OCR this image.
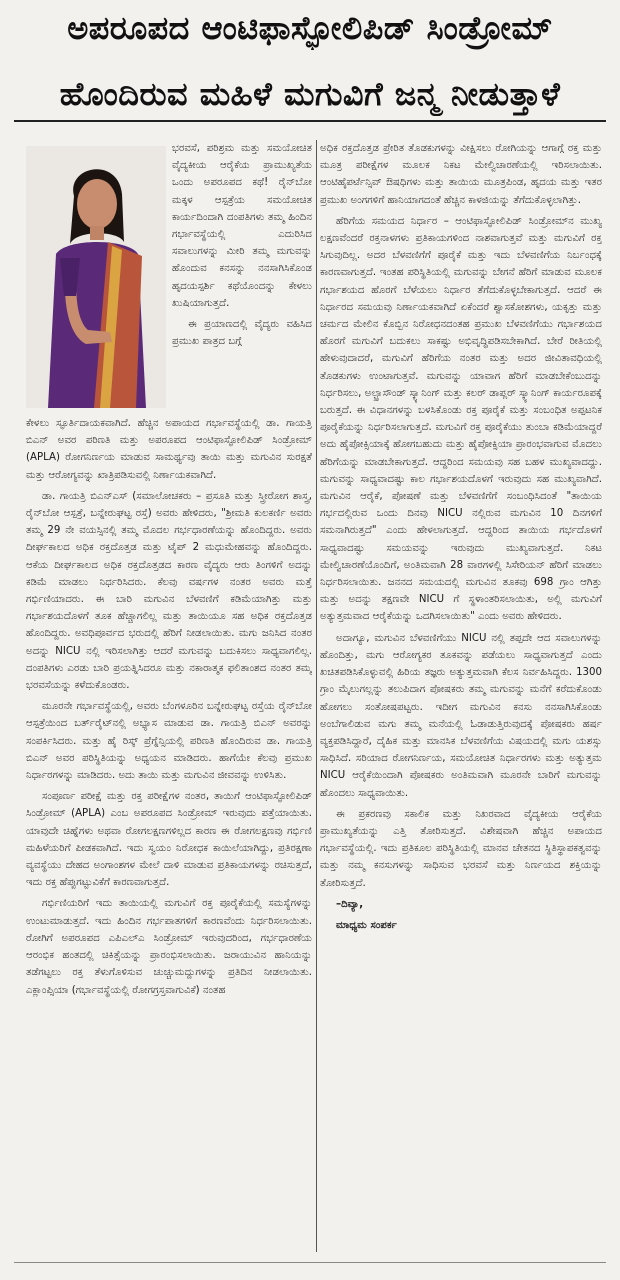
ಅಪರೂಪದ ಆಂಟಿಫಾಸ್ಫೋಲಿಪಿಡ್ ಸಿಂಡ್ರೋಮ್
ಹೊಂದಿರುವ ಮಹಿಳೆ ಮಗುವಿಗೆ ಜನ್ಮ ನೀಡುತ್ತಾಳೆ

ಭರವಸೆ, ಪರಿಶ್ರಮ ಮತ್ತು ಸಮಯೋಚಿತ ವೈದ್ಯಕೀಯ ಆರೈಕೆಯ ಪ್ರಾಮುಖ್ಯತೆಯ ಒಂದು ಅಪರೂಪದ ಕಥೆ! ರೈನ್‌ಬೋ ಮಕ್ಕಳ ಆಸ್ಪತ್ರೆಯ ಸಮಯೋಚಿತ ಕಾರ್ಯದಿಂದಾಗಿ ದಂಪತಿಗಳು ತಮ್ಮ ಹಿಂದಿನ ಗರ್ಭಾವಸ್ಥೆಯಲ್ಲಿ ಎದುರಿಸಿದ ಸವಾಲುಗಳನ್ನು ಮೀರಿ ತಮ್ಮ ಮಗುವನ್ನು ಹೊಂದುವ ಕನಸನ್ನು ನನಸಾಗಿಸಿಕೊಂಡ ಹೃದಯಸ್ಪರ್ಶಿ ಕಥೆಯೊಂದನ್ನು ಕೇಳಲು ಖುಷಿಯಾಗುತ್ತದೆ.

ಈ ಪ್ರಯಾಣದಲ್ಲಿ ವೈದ್ಯರು ವಹಿಸಿದ ಪ್ರಮುಖ ಪಾತ್ರದ ಬಗ್ಗೆ

ಕೇಳಲು ಸ್ಫೂರ್ತಿದಾಯಕವಾಗಿದೆ. ಹೆಚ್ಚಿನ ಅಪಾಯದ ಗರ್ಭಾವಸ್ಥೆಯಲ್ಲಿ ಡಾ. ಗಾಯತ್ರಿ ಬಿಎನ್ ಅವರ ಪರಿಣತಿ ಮತ್ತು ಅಪರೂಪದ ಆಂಟಿಫಾಸ್ಫೋಲಿಪಿಡ್ ಸಿಂಡ್ರೋಮ್ (APLA) ರೋಗನಿರ್ಣಯ ಮಾಡುವ ಸಾಮರ್ಥ್ಯವು ತಾಯಿ ಮತ್ತು ಮಗುವಿನ ಸುರಕ್ಷತೆ ಮತ್ತು ಆರೋಗ್ಯವನ್ನು ಖಾತ್ರಿಪಡಿಸುವಲ್ಲಿ ನಿರ್ಣಾಯಕವಾಗಿದೆ.

ಡಾ. ಗಾಯತ್ರಿ ಬಿಎನ್‌ಎಸ್ (ಸಮಾಲೋಚಕರು – ಪ್ರಸೂತಿ ಮತ್ತು ಸ್ತ್ರೀರೋಗ ಶಾಸ್ತ್ರ, ರೈನ್‌ಬೋ ಆಸ್ಪತ್ರೆ, ಬನ್ನೇರುಘಟ್ಟ ರಸ್ತೆ) ಅವರು ಹೇಳಿದರು, "ಶ್ರೀಮತಿ ಕುಲಕರ್ಣಿ ಅವರು ತಮ್ಮ 29 ನೇ ವಯಸ್ಸಿನಲ್ಲಿ ತಮ್ಮ ಮೊದಲ ಗರ್ಭಧಾರಣೆಯನ್ನು ಹೊಂದಿದ್ದರು. ಅವರು ದೀರ್ಘಕಾಲದ ಅಧಿಕ ರಕ್ತದೊತ್ತಡ ಮತ್ತು ಟೈಪ್ 2 ಮಧುಮೇಹವನ್ನು ಹೊಂದಿದ್ದರು. ಆಕೆಯ ದೀರ್ಘಕಾಲದ ಅಧಿಕ ರಕ್ತದೊತ್ತಡದ ಕಾರಣ ವೈದ್ಯರು ಆರು ತಿಂಗಳಿಗೆ ಅದನ್ನು ಕಡಿಮೆ ಮಾಡಲು ನಿರ್ಧರಿಸಿದರು. ಕೆಲವು ವರ್ಷಗಳ ನಂತರ ಅವರು ಮತ್ತೆ ಗರ್ಭಿಣಿಯಾದರು. ಈ ಬಾರಿ ಮಗುವಿನ ಬೆಳವಣಿಗೆ ಕಡಿಮೆಯಾಗಿತ್ತು ಮತ್ತು ಗರ್ಭಾಶಯದೊಳಗೆ ತೂಕ ಹೆಚ್ಚಾಗಲಿಲ್ಲ ಮತ್ತು ತಾಯಿಯೂ ಸಹ ಅಧಿಕ ರಕ್ತದೊತ್ತಡ ಹೊಂದಿದ್ದರು. ಅವಧಿಪೂರ್ವದ ಭರುದಲ್ಲಿ ಹೆರಿಗೆ ನೀಡಲಾಯಿತು. ಮಗು ಜನಿಸಿದ ನಂತರ ಅದನ್ನು NICU ನಲ್ಲಿ ಇರಿಸಲಾಗಿತ್ತು ಆದರೆ ಮಗುವನ್ನು ಬದುಕಿಸಲು ಸಾಧ್ಯವಾಗಲಿಲ್ಲ. ದಂಪತಿಗಳು ಎರಡು ಬಾರಿ ಪ್ರಯತ್ನಿಸಿದರೂ ಮತ್ತು ನಕಾರಾತ್ಮಕ ಫಲಿತಾಂಶದ ನಂತರ ತಮ್ಮ ಭರವಸೆಯನ್ನು ಕಳೆದುಕೊಂಡರು.

ಮೂರನೇ ಗರ್ಭಾವಸ್ಥೆಯಲ್ಲಿ, ಅವರು ಬೆಂಗಳೂರಿನ ಬನ್ನೇರುಘಟ್ಟ ರಸ್ತೆಯ ರೈನ್‌ಬೋ ಆಸ್ಪತ್ರೆಯಿಂದ ಬರ್ತ್‌ರೈಟ್‌ನಲ್ಲಿ ಅಭ್ಯಾಸ ಮಾಡುವ ಡಾ. ಗಾಯತ್ರಿ ಬಿಎನ್ ಅವರನ್ನು ಸಂಪರ್ಕಿಸಿದರು. ಮತ್ತು ಹೈ ರಿಸ್ಕ್ ಪ್ರೆಗ್ನೆನ್ಸಿಯಲ್ಲಿ ಪರಿಣತಿ ಹೊಂದಿರುವ ಡಾ. ಗಾಯತ್ರಿ ಬಿಎನ್ ಅವರ ಪರಿಸ್ಥಿತಿಯನ್ನು ಅಧ್ಯಯನ ಮಾಡಿದರು. ಹಾಗೆಯೇ ಕೆಲವು ಪ್ರಮುಖ ನಿರ್ಧಾರಗಳನ್ನು ಮಾಡಿದರು. ಅದು ತಾಯಿ ಮತ್ತು ಮಗುವಿನ ಜೀವವನ್ನು ಉಳಿಸಿತು.

ಸಂಪೂರ್ಣ ಪರೀಕ್ಷೆ ಮತ್ತು ರಕ್ತ ಪರೀಕ್ಷೆಗಳ ನಂತರ, ತಾಯಿಗೆ ಆಂಟಿಫಾಸ್ಫೋಲಿಪಿಡ್ ಸಿಂಡ್ರೋಮ್ (APLA) ಎಂಬ ಅಪರೂಪದ ಸಿಂಡ್ರೋಮ್ ಇರುವುದು ಪತ್ತೆಯಾಯಿತು. ಯಾವುದೇ ಚಿಹ್ನೆಗಳು ಅಥವಾ ರೋಗಲಕ್ಷಣಗಳಿಲ್ಲದ ಕಾರಣ ಈ ರೋಗಲಕ್ಷಣವು ಗರ್ಭಿಣಿ ಮಹಿಳೆಯರಿಗೆ ಪೀಡಕವಾಗಿದೆ. ಇದು ಸ್ವಯಂ ನಿರೋಧಕ ಕಾಯಿಲೆಯಾಗಿದ್ದು, ಪ್ರತಿರಕ್ಷಣಾ ವ್ಯವಸ್ಥೆಯು ದೇಹದ ಅಂಗಾಂಶಗಳ ಮೇಲೆ ದಾಳಿ ಮಾಡುವ ಪ್ರತಿಕಾಯಗಳನ್ನು ರಚಿಸುತ್ತದೆ, ಇದು ರಕ್ತ ಹೆಪ್ಪುಗಟ್ಟುವಿಕೆಗೆ ಕಾರಣವಾಗುತ್ತದೆ.

ಗರ್ಭಿಣಿಯರಿಗೆ ಇದು ತಾಯಿಯಲ್ಲಿ ಮಗುವಿಗೆ ರಕ್ತ ಪೂರೈಕೆಯಲ್ಲಿ ಸಮಸ್ಯೆಗಳನ್ನು ಉಂಟುಮಾಡುತ್ತದೆ. ಇದು ಹಿಂದಿನ ಗರ್ಭಪಾತಗಳಿಗೆ ಕಾರಣವೆಂದು ನಿರ್ಧರಿಸಲಾಯಿತು. ರೋಗಿಗೆ ಅಪರೂಪದ ಎಪಿಎಲ್‌ಎ ಸಿಂಡ್ರೋಮ್ ಇರುವುದರಿಂದ, ಗರ್ಭಧಾರಣೆಯ ಆರಂಭಿಕ ಹಂತದಲ್ಲಿ ಚಿಕಿತ್ಸೆಯನ್ನು ಪ್ರಾರಂಭಿಸಲಾಯಿತು. ಜರಾಯುವಿನ ಹಾನಿಯನ್ನು ತಡೆಗಟ್ಟಲು ರಕ್ತ ತೆಳುಗೊಳಿಸುವ ಚುಚ್ಚುಮದ್ದುಗಳನ್ನು ಪ್ರತಿದಿನ ನೀಡಲಾಯಿತು. ಎಕ್ಲಾಂಪ್ಸಿಯಾ (ಗರ್ಭಾವಸ್ಥೆಯಲ್ಲಿ ರೋಗಗ್ರಸ್ತವಾಗುವಿಕೆ) ನಂತಹ

ಅಧಿಕ ರಕ್ತದೊತ್ತಡ ಪ್ರೇರಿತ ತೊಡಕುಗಳನ್ನು ವೀಕ್ಷಿಸಲು ರೋಗಿಯನ್ನು ಆಗಾಗ್ಗೆ ರಕ್ತ ಮತ್ತು ಮೂತ್ರ ಪರೀಕ್ಷೆಗಳ ಮೂಲಕ ನಿಕಟ ಮೇಲ್ವಿಚಾರಣೆಯಲ್ಲಿ ಇರಿಸಲಾಯಿತು. ಆಂಟಿಹೈಪರ್ಟೆನ್ಸಿವ್ ಔಷಧಿಗಳು ಮತ್ತು ತಾಯಿಯ ಮೂತ್ರಪಿಂಡ, ಹೃದಯ ಮತ್ತು ಇತರ ಪ್ರಮುಖ ಅಂಗಗಳಿಗೆ ಹಾನಿಯಾಗದಂತೆ ಹೆಚ್ಚಿನ ಕಾಳಜಿಯನ್ನು ತೆಗೆದುಕೊಳ್ಳಲಾಗಿತ್ತು.

ಹೆರಿಗೆಯ ಸಮಯದ ನಿರ್ಧಾರ – ಆಂಟಿಫಾಸ್ಫೋಲಿಪಿಡ್ ಸಿಂಡ್ರೋಮ್‌ನ ಮುಖ್ಯ ಲಕ್ಷಣವೆಂದರೆ ರಕ್ತನಾಳಗಳು ಪ್ರತಿಕಾಯಗಳಿಂದ ನಾಶವಾಗುತ್ತವೆ ಮತ್ತು ಮಗುವಿಗೆ ರಕ್ತ ಸಿಗುವುದಿಲ್ಲ. ಅದರ ಬೆಳವಣಿಗೆಗೆ ಪೂರೈಕೆ ಮತ್ತು ಇದು ಬೆಳವಣಿಗೆಯ ನಿರ್ಬಂಧಕ್ಕೆ ಕಾರಣವಾಗುತ್ತದೆ. ಇಂತಹ ಪರಿಸ್ಥಿತಿಯಲ್ಲಿ ಮಗುವನ್ನು ಬೇಗನೆ ಹೆರಿಗೆ ಮಾಡುವ ಮೂಲಕ ಗರ್ಭಾಶಯದ ಹೊರಗೆ ಬೆಳೆಯಲು ನಿರ್ಧಾರ ತೆಗೆದುಕೊಳ್ಳಬೇಕಾಗುತ್ತದೆ. ಆದರೆ ಈ ನಿರ್ಧಾರದ ಸಮಯವು ನಿರ್ಣಾಯಕವಾಗಿದೆ ಏಕೆಂದರೆ ಶ್ವಾಸಕೋಶಗಳು, ಯಕೃತ್ತು ಮತ್ತು ಚರ್ಮದ ಮೇಲಿನ ಕೊಬ್ಬಿನ ನಿರೋಧನದಂತಹ ಪ್ರಮುಖ ಬೆಳವಣಿಗೆಯು ಗರ್ಭಾಶಯದ ಹೊರಗೆ ಮಗುವಿಗೆ ಬದುಕಲು ಸಾಕಷ್ಟು ಅಭಿವೃದ್ಧಿಪಡಿಸಬೇಕಾಗಿದೆ. ಬೇರೆ ರೀತಿಯಲ್ಲಿ ಹೇಳುವುದಾದರೆ, ಮಗುವಿಗೆ ಹೆರಿಗೆಯ ನಂತರ ಮತ್ತು ಅದರ ಜೀವಿತಾವಧಿಯಲ್ಲಿ ತೊಡಕುಗಳು ಉಂಟಾಗುತ್ತವೆ. ಮಗುವನ್ನು ಯಾವಾಗ ಹೆರಿಗೆ ಮಾಡಬೇಕೆಂಬುದನ್ನು ನಿರ್ಧರಿಸಲು, ಅಲ್ಟ್ರಾಸೌಂಡ್ ಸ್ಕ್ಯಾನಿಂಗ್ ಮತ್ತು ಕಲರ್ ಡಾಪ್ಲರ್ ಸ್ಕ್ಯಾನಿಂಗ್ ಕಾರ್ಯರೂಪಕ್ಕೆ ಬರುತ್ತದೆ. ಈ ವಿಧಾನಗಳನ್ನು ಬಳಸಿಕೊಂಡು ರಕ್ತ ಪೂರೈಕೆ ಮತ್ತು ಸಂಬಂಧಿತ ಅಪ್ಪಟನಿಕ ಪೂರೈಕೆಯನ್ನು ನಿರ್ಧರಿಸಲಾಗುತ್ತದೆ. ಮಗುವಿಗೆ ರಕ್ತ ಪೂರೈಕೆಯು ತುಂಬಾ ಕಡಿಮೆಯಾದ್ದರೆ ಅದು ಹೈಪೋಕ್ಸಿಯಾಕ್ಕೆ ಹೋಗಬಹುದು ಮತ್ತು ಹೈಪೋಕ್ಸಿಯಾ ಪ್ರಾರಂಭವಾಗುವ ಮೊದಲು ಹೆರಿಗೆಯನ್ನು ಮಾಡಬೇಕಾಗುತ್ತದೆ. ಆದ್ದರಿಂದ ಸಮಯವು ಸಹ ಬಹಳ ಮುಖ್ಯವಾದದ್ದು. ಮಗುವನ್ನು ಸಾಧ್ಯವಾದಷ್ಟು ಕಾಲ ಗರ್ಭಾಶಯದೊಳಗೆ ಇರುವುದು ಸಹ ಮುಖ್ಯವಾಗಿದೆ. ಮಗುವಿನ ಆರೈಕೆ, ಪೋಷಣೆ ಮತ್ತು ಬೆಳವಣಿಗೆಗೆ ಸಂಬಂಧಿಸಿದಂತೆ "ತಾಯಿಯ ಗರ್ಭದಲ್ಲಿರುವ ಒಂದು ದಿನವು NICU ನಲ್ಲಿರುವ ಮಗುವಿನ 10 ದಿನಗಳಿಗೆ ಸಮನಾಗಿರುತ್ತದೆ" ಎಂದು ಹೇಳಲಾಗುತ್ತದೆ. ಆದ್ದರಿಂದ ತಾಯಿಯ ಗರ್ಭದೊಳಗೆ ಸಾಧ್ಯವಾದಷ್ಟು ಸಮಯವನ್ನು ಇರುವುದು ಮುಖ್ಯವಾಗುತ್ತದೆ. ನಿಕಟ ಮೇಲ್ವಿಚಾರಣೆಯೊಂದಿಗೆ, ಅಂತಿಮವಾಗಿ 28 ವಾರಗಳಲ್ಲಿ ಸಿಸೇರಿಯನ್ ಹೆರಿಗೆ ಮಾಡಲು ನಿರ್ಧರಿಸಲಾಯಿತು. ಜನನದ ಸಮಯದಲ್ಲಿ ಮಗುವಿನ ತೂಕವು 698 ಗ್ರಾಂ ಆಗಿತ್ತು ಮತ್ತು ಅದನ್ನು ತಕ್ಷಣವೇ NICU ಗೆ ಸ್ಥಳಾಂತರಿಸಲಾಯಿತು, ಅಲ್ಲಿ ಮಗುವಿಗೆ ಅತ್ಯುತ್ತಮವಾದ ಆರೈಕೆಯನ್ನು ಒದಗಿಸಲಾಯಿತು" ಎಂದು ಅವರು ಹೇಳಿದರು.

ಅದಾಗ್ಯೂ, ಮಗುವಿನ ಬೆಳವಣಿಗೆಯು NICU ನಲ್ಲಿ ತಪ್ಪದೇ ಆದ ಸವಾಲುಗಳನ್ನು ಹೊಂದಿತ್ತು, ಮಗು ಆರೋಗ್ಯಕರ ತೂಕವನ್ನು ಪಡೆಯಲು ಸಾಧ್ಯವಾಗುತ್ತದೆ ಎಂದು ಖಚಿತಪಡಿಸಿಕೊಳ್ಳುವಲ್ಲಿ ಹಿರಿಯ ತಜ್ಞರು ಅತ್ಯುತ್ತಮವಾಗಿ ಕೆಲಸ ನಿರ್ವಹಿಸಿದ್ದರು. 1300 ಗ್ರಾಂ ಮೈಲುಗಲ್ಲನ್ನು ತಲುಪಿದಾಗ ಪೋಷಕರು ತಮ್ಮ ಮಗುವನ್ನು ಮನೆಗೆ ಕರೆದುಕೊಂಡು ಹೋಗಲು ಸಂತೋಷಪಟ್ಟರು. ಇದೀಗ ಮಗುವಿನ ಕನಸು ನನಸಾಗಿಸಿಕೊಂಡು ಅಂಬೆಗಾಲಿಡುವ ಮಗು ತಮ್ಮ ಮನೆಯಲ್ಲಿ ಓಡಾಡುತ್ತಿರುವುದಕ್ಕೆ ಪೋಷಕರು ಹರ್ಷ ವ್ಯಕ್ತಪಡಿಸಿದ್ದಾರೆ, ದೈಹಿಕ ಮತ್ತು ಮಾನಸಿಕ ಬೆಳವಣಿಗೆಯ ವಿಷಯದಲ್ಲಿ ಮಗು ಯಶಸ್ಸು ಸಾಧಿಸಿದೆ. ಸರಿಯಾದ ರೋಗನಿರ್ಣಯ, ಸಮಯೋಚಿತ ನಿರ್ಧಾರಗಳು ಮತ್ತು ಅತ್ಯುತ್ತಮ NICU ಆರೈಕೆಯಿಂದಾಗಿ ಪೋಷಕರು ಅಂತಿಮವಾಗಿ ಮೂರನೇ ಬಾರಿಗೆ ಮಗುವನ್ನು ಹೊಂದಲು ಸಾಧ್ಯವಾಯಿತು.

ಈ ಪ್ರಕರಣವು ಸಕಾಲಿಕ ಮತ್ತು ನಿಖರವಾದ ವೈದ್ಯಕೀಯ ಆರೈಕೆಯ ಪ್ರಾಮುಖ್ಯತೆಯನ್ನು ಎತ್ತಿ ತೋರಿಸುತ್ತದೆ. ವಿಶೇಷವಾಗಿ ಹೆಚ್ಚಿನ ಅಪಾಯದ ಗರ್ಭಾವಸ್ಥೆಯಲ್ಲಿ. ಇದು ಪ್ರತಿಕೂಲ ಪರಿಸ್ಥಿತಿಯಲ್ಲಿ ಮಾನವ ಚೇತನದ ಸ್ಥಿತಿಸ್ಥಾಪಕತ್ವವನ್ನು ಮತ್ತು ನಮ್ಮ ಕನಸುಗಳನ್ನು ಸಾಧಿಸುವ ಭರವಸೆ ಮತ್ತು ನಿರ್ಣಯದ ಶಕ್ತಿಯನ್ನು ತೋರಿಸುತ್ತದೆ.

–ದಿವ್ಯಾ,

ಮಾಧ್ಯಮ ಸಂಪರ್ಕ
